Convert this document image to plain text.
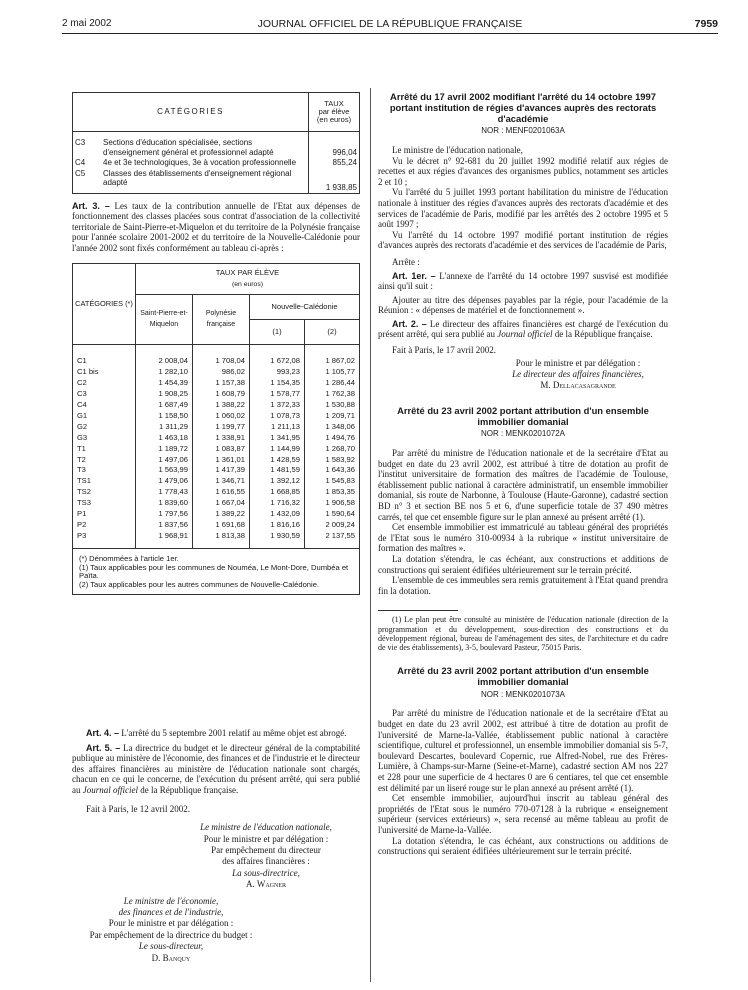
2 mai 2002	JOURNAL OFFICIEL DE LA RÉPUBLIQUE FRANÇAISE	7959
CATÉGORIES		TAUX
par élève
(en euros)
C3	Sections d'éducation spécialisée, sections d'enseignement général et professionnel adapté	996,04
C4	4e et 3e technologiques, 3e à vocation professionnelle	855,24
C5	Classes des établissements d'enseignement régional adapté	1 938,85

Art. 3. – Les taux de la contribution annuelle de l'Etat aux dépenses de fonctionnement des classes placées sous contrat d'association de la collectivité territoriale de Saint-Pierre-et-Miquelon et du territoire de la Polynésie française pour l'année scolaire 2001-2002 et du territoire de la Nouvelle-Calédonie pour l'année 2002 sont fixés conformément au tableau ci-après :

CATÉGORIES (*)	TAUX PAR ÉLÈVE
(en euros)			
	Saint-Pierre-et-Miquelon	Polynésie française	Nouvelle-Calédonie	
			(1)	(2)

C1	2 008,04	1 708,04	1 672,08	1 867,02
C1 bis	1 282,10	986,02	993,23	1 105,77
C2	1 454,39	1 157,38	1 154,35	1 286,44
C3	1 908,25	1 608,79	1 578,77	1 762,38
C4	1 687,49	1 388,22	1 372,33	1 530,88
G1	1 158,50	1 060,02	1 078,73	1 209,71
G2	1 311,29	1 199,77	1 211,13	1 348,06
G3	1 463,18	1 338,91	1 341,95	1 494,76
T1	1 189,72	1 083,87	1 144,99	1 268,70
T2	1 497,06	1 361,01	1 428,59	1 583,92
T3	1 563,99	1 417,39	1 481,59	1 643,36
TS1	1 479,06	1 346,71	1 392,12	1 545,83
TS2	1 778,43	1 616,55	1 668,85	1 853,35
TS3	1 839,60	1 667,04	1 716,32	1 906,58
P1	1 797,56	1 389,22	1 432,09	1 590,64
P2	1 837,56	1 691,68	1 816,16	2 009,24
P3	1 968,91	1 813,38	1 930,59	2 137,55

(*) Dénommées à l'article 1er.
(1) Taux applicables pour les communes de Nouméa, Le Mont-Dore, Dumbéa et Païta.
(2) Taux applicables pour les autres communes de Nouvelle-Calédonie.				

Art. 4. – L'arrêté du 5 septembre 2001 relatif au même objet est abrogé.

Art. 5. – La directrice du budget et le directeur général de la comptabilité publique au ministère de l'économie, des finances et de l'industrie et le directeur des affaires financières au ministère de l'éducation nationale sont chargés, chacun en ce qui le concerne, de l'exécution du présent arrêté, qui sera publié au Journal officiel de la République française.

Fait à Paris, le 12 avril 2002.

Le ministre de l'éducation nationale,
Pour le ministre et par délégation :
Par empêchement du directeur
des affaires financières :
La sous-directrice,
A. Wagner
Le ministre de l'économie,
des finances et de l'industrie,
Pour le ministre et par délégation :
Par empêchement de la directrice du budget :
Le sous-directeur,
D. Banquy
Arrêté du 17 avril 2002 modifiant l'arrêté du 14 octobre 1997 portant institution de régies d'avances auprès des rectorats d'académie
NOR : MENF0201063A

Le ministre de l'éducation nationale,

Vu le décret n° 92-681 du 20 juillet 1992 modifié relatif aux régies de recettes et aux régies d'avances des organismes publics, notamment ses articles 2 et 10 ;

Vu l'arrêté du 5 juillet 1993 portant habilitation du ministre de l'éducation nationale à instituer des régies d'avances auprès des rectorats d'académie et des services de l'académie de Paris, modifié par les arrêtés des 2 octobre 1995 et 5 août 1997 ;

Vu l'arrêté du 14 octobre 1997 modifié portant institution de régies d'avances auprès des rectorats d'académie et des services de l'académie de Paris,

Arrête :

Art. 1er. – L'annexe de l'arrêté du 14 octobre 1997 susvisé est modifiée ainsi qu'il suit :

Ajouter au titre des dépenses payables par la régie, pour l'académie de la Réunion : « dépenses de matériel et de fonctionnement ».

Art. 2. – Le directeur des affaires financières est chargé de l'exécution du présent arrêté, qui sera publié au Journal officiel de la République française.

Fait à Paris, le 17 avril 2002.

Pour le ministre et par délégation :
Le directeur des affaires financières,
M. Dellacasagrande
Arrêté du 23 avril 2002 portant attribution d'un ensemble immobilier domanial
NOR : MENK0201072A

Par arrêté du ministre de l'éducation nationale et de la secrétaire d'Etat au budget en date du 23 avril 2002, est attribué à titre de dotation au profit de l'institut universitaire de formation des maîtres de l'académie de Toulouse, établissement public national à caractère administratif, un ensemble immobilier domanial, sis route de Narbonne, à Toulouse (Haute-Garonne), cadastré section BD n° 3 et section BE nos 5 et 6, d'une superficie totale de 37 490 mètres carrés, tel que cet ensemble figure sur le plan annexé au présent arrêté (1).

Cet ensemble immobilier est immatriculé au tableau général des propriétés de l'Etat sous le numéro 310-00934 à la rubrique « institut universitaire de formation des maîtres ».

La dotation s'étendra, le cas échéant, aux constructions et additions de constructions qui seraient édifiées ultérieurement sur le terrain précité.

L'ensemble de ces immeubles sera remis gratuitement à l'Etat quand prendra fin la dotation.

(1) Le plan peut être consulté au ministère de l'éducation nationale (direction de la programmation et du développement, sous-direction des constructions et du développement régional, bureau de l'aménagement des sites, de l'architecture et du cadre de vie des établissements), 3-5, boulevard Pasteur, 75015 Paris.

Arrêté du 23 avril 2002 portant attribution d'un ensemble immobilier domanial
NOR : MENK0201073A

Par arrêté du ministre de l'éducation nationale et de la secrétaire d'Etat au budget en date du 23 avril 2002, est attribué à titre de dotation au profit de l'université de Marne-la-Vallée, établissement public national à caractère scientifique, culturel et professionnel, un ensemble immobilier domanial sis 5-7, boulevard Descartes, boulevard Copernic, rue Alfred-Nobel, rue des Frères-Lumière, à Champs-sur-Marne (Seine-et-Marne), cadastré section AM nos 227 et 228 pour une superficie de 4 hectares 0 are 6 centiares, tel que cet ensemble est délimité par un liseré rouge sur le plan annexé au présent arrêté (1).

Cet ensemble immobilier, aujourd'hui inscrit au tableau général des propriétés de l'Etat sous le numéro 770-07128 à la rubrique « enseignement supérieur (services extérieurs) », sera recensé au même tableau au profit de l'université de Marne-la-Vallée.

La dotation s'étendra, le cas échéant, aux constructions ou additions de constructions qui seraient édifiées ultérieurement sur le terrain précité.
